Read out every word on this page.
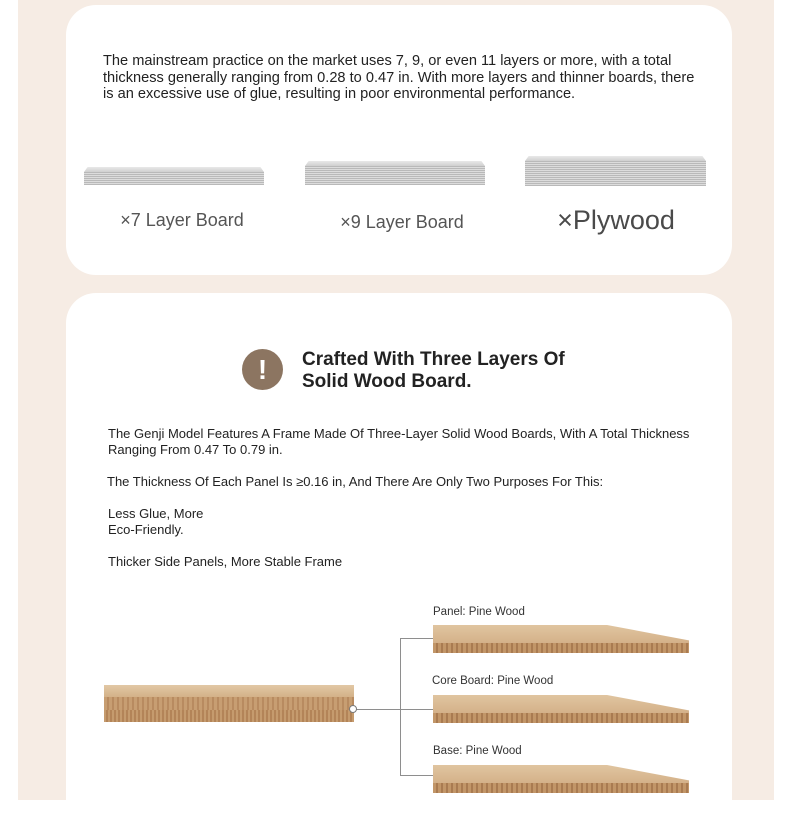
The mainstream practice on the market uses 7, 9, or even 11 layers or more, with a total thickness generally ranging from 0.28 to 0.47 in. With more layers and thinner boards, there is an excessive use of glue, resulting in poor environmental performance.

×7 Layer Board	×9 Layer Board	×Plywood
!	Crafted With Three Layers Of
Solid Wood Board.
The Genji Model Features A Frame Made Of Three-Layer Solid Wood Boards, With A Total Thickness Ranging From 0.47 To 0.79 in.
The Thickness Of Each Panel Is ≥0.16 in, And There Are Only Two Purposes For This:
Less Glue, More
Eco-Friendly.
Thicker Side Panels, More Stable Frame
Panel: Pine Wood
Core Board: Pine Wood
Base: Pine Wood
